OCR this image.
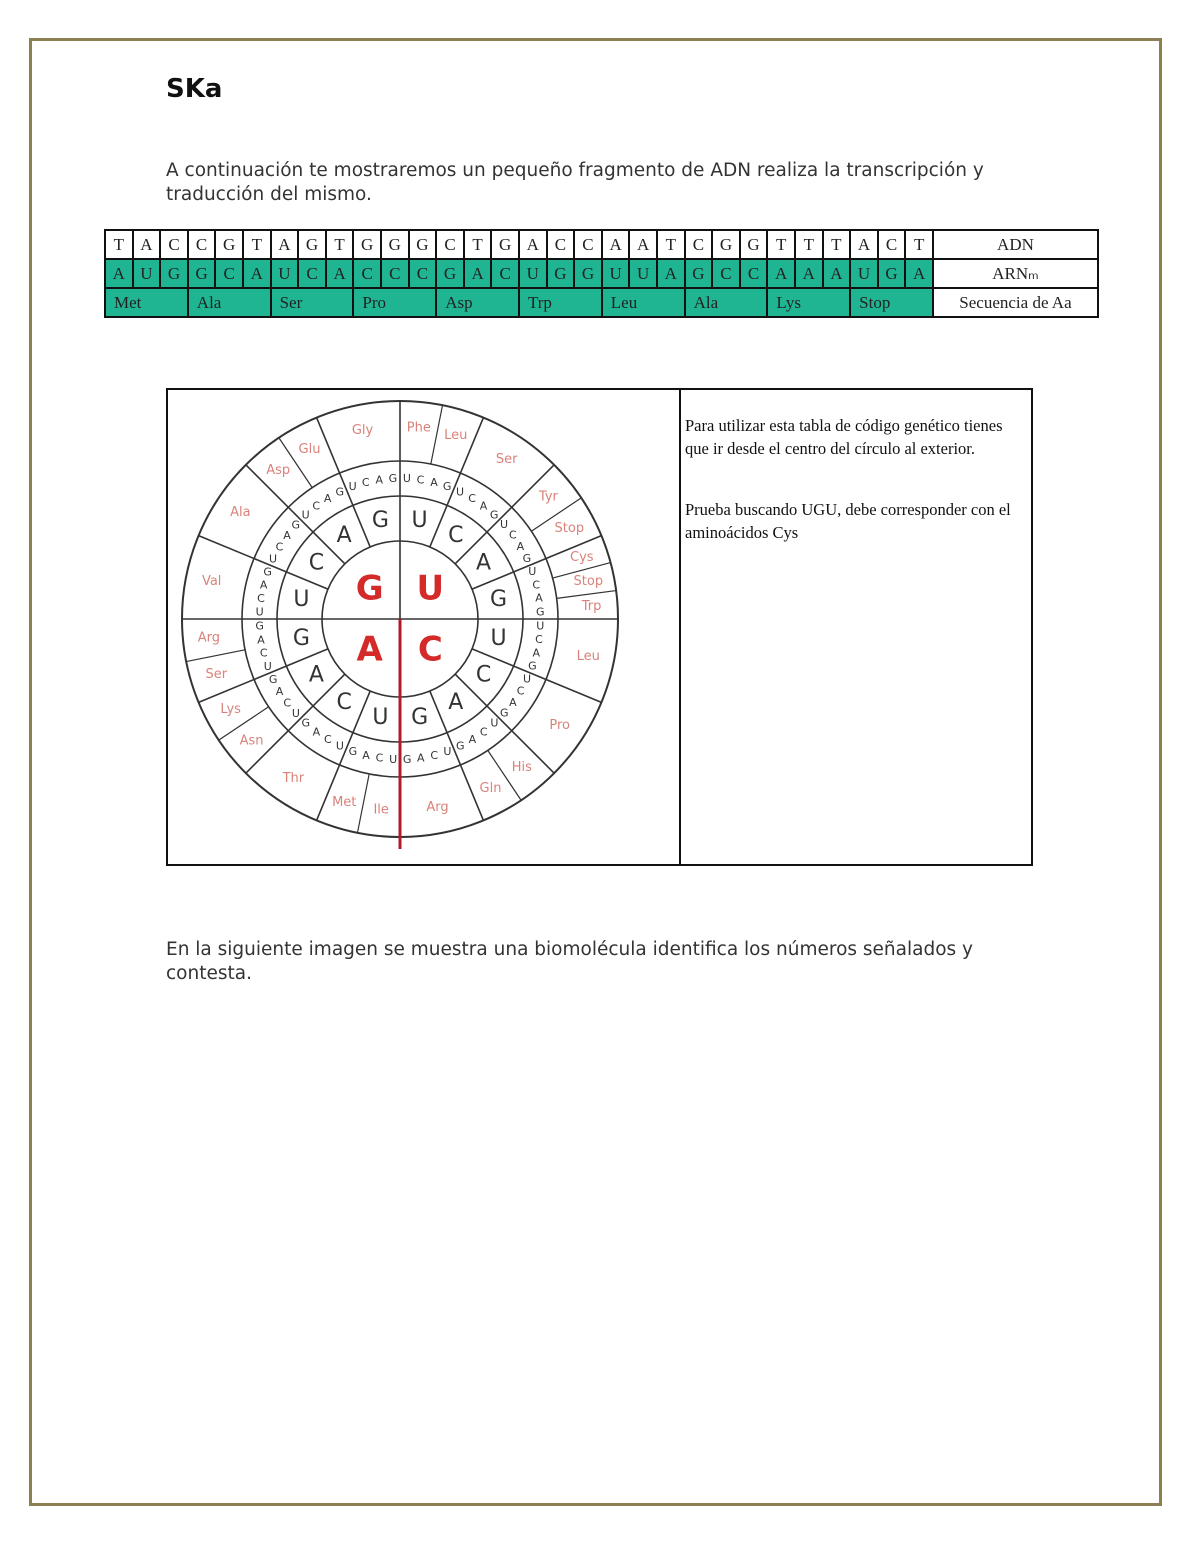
SKa
A continuación te mostraremos un pequeño fragmento de ADN realiza la transcripción y traducción del mismo.
T	A	C	C	G	T	A	G	T	G	G	G	C	T	G	A	C	C	A	A	T	C	G	G	T	T	T	A	C	T	ADN
A	U	G	G	C	A	U	C	A	C	C	C	G	A	C	U	G	G	U	U	A	G	C	C	A	A	A	U	G	A	ARNₘ
Met			Ala			Ser			Pro			Asp			Trp			Leu			Ala			Lys			Stop			Secuencia de Aa
U
U
U C A G
Phe Leu
C
U C
A
G
Ser
A
U
C
A
G
Tyr
Stop
G
U
C
A
G
Cys
Stop
Trp
C U
U
C
A
G
Leu
C	U
C
A
G
Pro
A
U
C
A
G
His
Gln
G
U
C
A
G
Arg
A
U
U
C
A
G
Ile
Met
C
U
C
A
G
Thr
A
U
C
A
G
Asn
Lys
G
U
C
A
G
Ser
Arg
G
U
U
C
A
G
Val
C
U
C
A
G
Ala
A
U
C
A G
Asp
Glu
G
U C A G
Gly	Para utilizar esta tabla de código genético tienes que ir desde el centro del círculo al exterior.
Prueba buscando UGU, debe corresponder con el aminoácidos Cys
En la siguiente imagen se muestra una biomolécula identifica los números señalados y contesta.
